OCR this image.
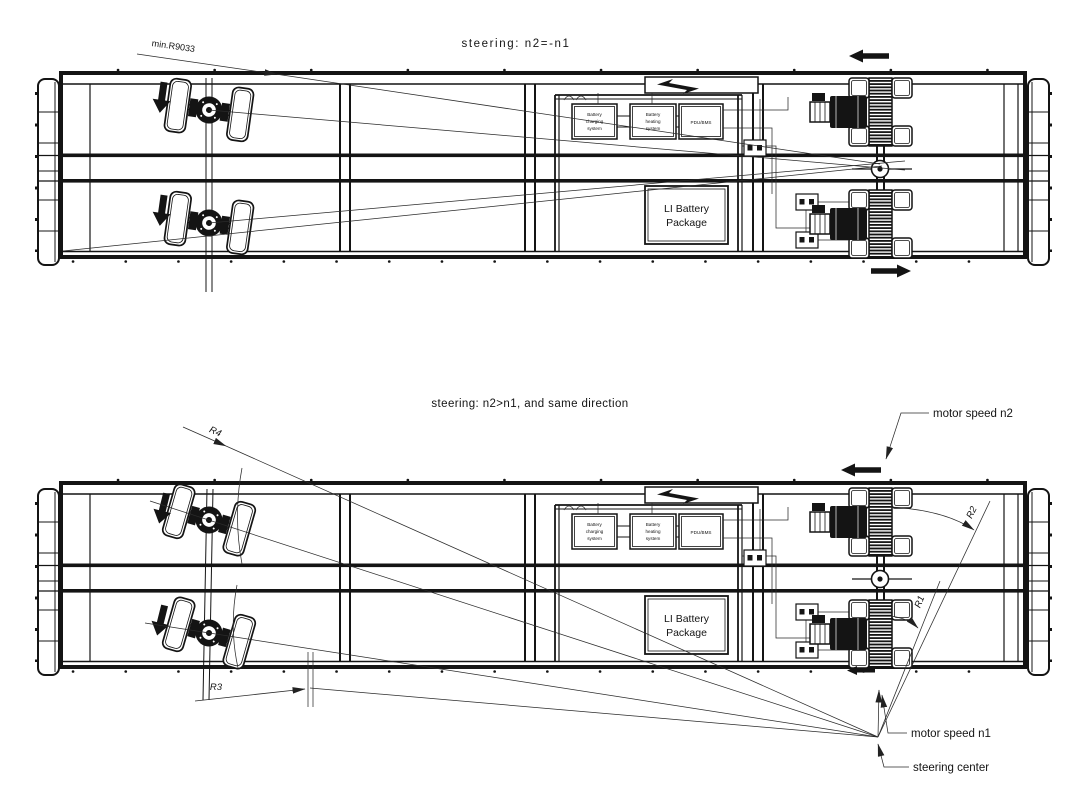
steering: n2=-n1
min.R9033
steering: n2>n1, and same direction
R4
R3
R2
R1
motor speed n2
motor speed n1
steering center
